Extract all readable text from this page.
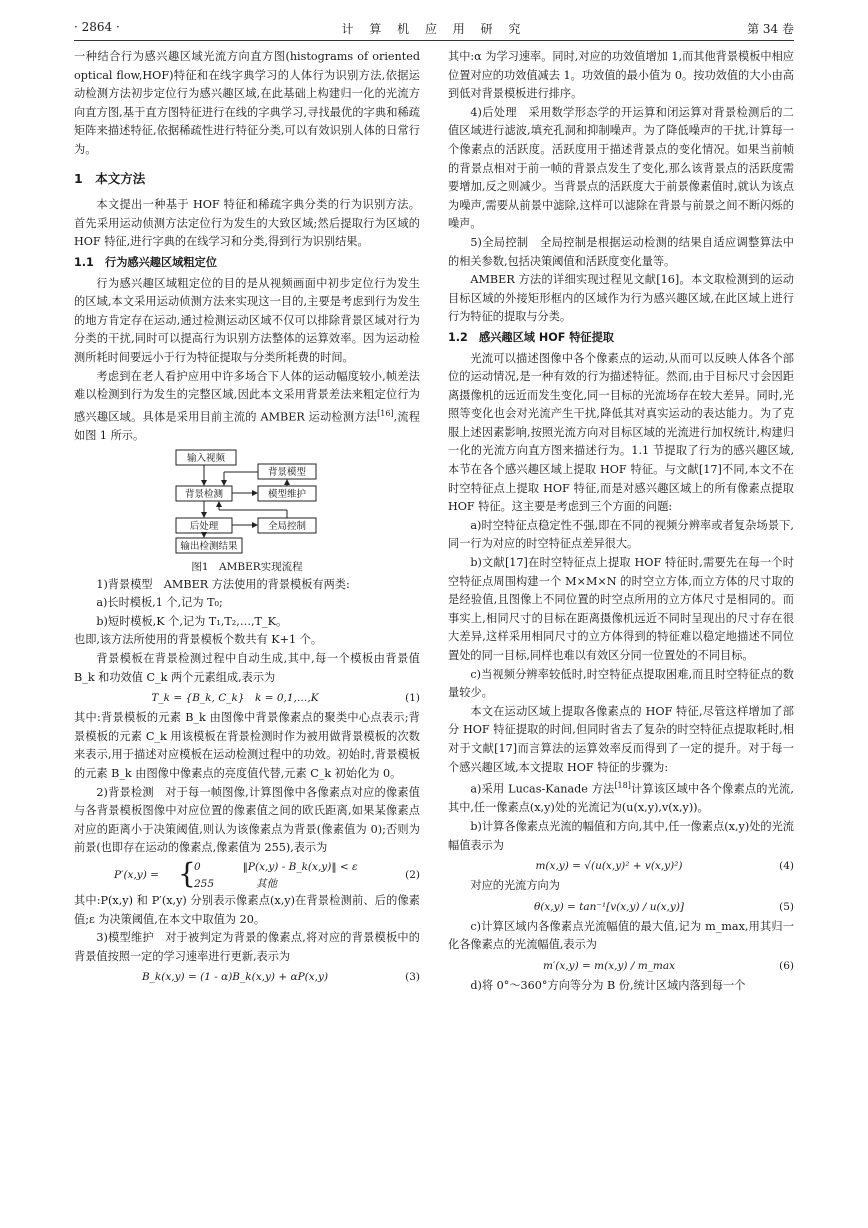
· 2864 ·	计 算 机 应 用 研 究	第 34 卷

一种结合行为感兴趣区域光流方向直方图(histograms of oriented optical flow,HOF)特征和在线字典学习的人体行为识别方法,依据运动检测方法初步定位行为感兴趣区域,在此基础上构建归一化的光流方向直方图,基于直方图特征进行在线的字典学习,寻找最优的字典和稀疏矩阵来描述特征,依据稀疏性进行特征分类,可以有效识别人体的日常行为。

1　本文方法

本文提出一种基于 HOF 特征和稀疏字典分类的行为识别方法。首先采用运动侦测方法定位行为发生的大致区域;然后提取行为区域的 HOF 特征,进行字典的在线学习和分类,得到行为识别结果。

1.1　行为感兴趣区域粗定位

行为感兴趣区域粗定位的目的是从视频画面中初步定位行为发生的区域,本文采用运动侦测方法来实现这一目的,主要是考虑到行为发生的地方肯定存在运动,通过检测运动区域不仅可以排除背景区域对行为分类的干扰,同时可以提高行为识别方法整体的运算效率。因为运动检测所耗时间要远小于行为特征提取与分类所耗费的时间。

考虑到在老人看护应用中许多场合下人体的运动幅度较小,帧差法难以检测到行为发生的完整区域,因此本文采用背景差法来粗定位行为感兴趣区域。具体是采用目前主流的 AMBER 运动检测方法[16],流程如图 1 所示。

输入视频
背景模型
背景检测	模型维护
后处理	全局控制
输出检测结果
图1　AMBER实现流程

1)背景模型　AMBER 方法使用的背景模板有两类:

a)长时模板,1 个,记为 T₀;

b)短时模板,K 个,记为 T₁,T₂,…,T_K。

也即,该方法所使用的背景模板个数共有 K+1 个。

背景模板在背景检测过程中自动生成,其中,每一个模板由背景值 B_k 和功效值 C_k 两个元素组成,表示为

T_k = {B_k, C_k}　k = 0,1,…,K	(1)

其中:背景模板的元素 B_k 由图像中背景像素点的聚类中心点表示;背景模板的元素 C_k 用该模板在背景检测时作为被用做背景模板的次数来表示,用于描述对应模板在运动检测过程中的功效。初始时,背景模板的元素 B_k 由图像中像素点的亮度值代替,元素 C_k 初始化为 0。

2)背景检测　对于每一帧图像,计算图像中各像素点对应的像素值与各背景模板图像中对应位置的像素值之间的欧氏距离,如果某像素点对应的距离小于决策阈值,则认为该像素点为背景(像素值为 0);否则为前景(也即存在运动的像素点,像素值为 255),表示为

P′(x,y) = {
0　　　　‖P(x,y) - B_k(x,y)‖ < ε
255　　　　其他
(2)

其中:P(x,y) 和 P′(x,y) 分别表示像素点(x,y)在背景检测前、后的像素值;ε 为决策阈值,在本文中取值为 20。

3)模型维护　对于被判定为背景的像素点,将对应的背景模板中的背景值按照一定的学习速率进行更新,表示为

B_k(x,y) = (1 - α)B_k(x,y) + αP(x,y)	(3)

其中:α 为学习速率。同时,对应的功效值增加 1,而其他背景模板中相应位置对应的功效值减去 1。功效值的最小值为 0。按功效值的大小由高到低对背景模板进行排序。

4)后处理　采用数学形态学的开运算和闭运算对背景检测后的二值区域进行滤波,填充孔洞和抑制噪声。为了降低噪声的干扰,计算每一个像素点的活跃度。活跃度用于描述背景点的变化情况。如果当前帧的背景点相对于前一帧的背景点发生了变化,那么该背景点的活跃度需要增加,反之则减少。当背景点的活跃度大于前景像素值时,就认为该点为噪声,需要从前景中滤除,这样可以滤除在背景与前景之间不断闪烁的噪声。

5)全局控制　全局控制是根据运动检测的结果自适应调整算法中的相关参数,包括决策阈值和活跃度变化量等。

AMBER 方法的详细实现过程见文献[16]。本文取检测到的运动目标区域的外接矩形框内的区域作为行为感兴趣区域,在此区域上进行行为特征的提取与分类。

1.2　感兴趣区域 HOF 特征提取

光流可以描述图像中各个像素点的运动,从而可以反映人体各个部位的运动情况,是一种有效的行为描述特征。然而,由于目标尺寸会因距离摄像机的远近而发生变化,同一目标的光流场存在较大差异。同时,光照等变化也会对光流产生干扰,降低其对真实运动的表达能力。为了克服上述因素影响,按照光流方向对目标区域的光流进行加权统计,构建归一化的光流方向直方图来描述行为。1.1 节提取了行为的感兴趣区域,本节在各个感兴趣区域上提取 HOF 特征。与文献[17]不同,本文不在时空特征点上提取 HOF 特征,而是对感兴趣区域上的所有像素点提取 HOF 特征。这主要是考虑到三个方面的问题:

a)时空特征点稳定性不强,即在不同的视频分辨率或者复杂场景下,同一行为对应的时空特征点差异很大。

b)文献[17]在时空特征点上提取 HOF 特征时,需要先在每一个时空特征点周围构建一个 M×M×N 的时空立方体,而立方体的尺寸取的是经验值,且图像上不同位置的时空点所用的立方体尺寸是相同的。而事实上,相同尺寸的目标在距离摄像机远近不同时呈现出的尺寸存在很大差异,这样采用相同尺寸的立方体得到的特征难以稳定地描述不同位置处的同一目标,同样也难以有效区分同一位置处的不同目标。

c)当视频分辨率较低时,时空特征点提取困难,而且时空特征点的数量较少。

本文在运动区域上提取各像素点的 HOF 特征,尽管这样增加了部分 HOF 特征提取的时间,但同时省去了复杂的时空特征点提取耗时,相对于文献[17]而言算法的运算效率反而得到了一定的提升。对于每一个感兴趣区域,本文提取 HOF 特征的步骤为:

a)采用 Lucas-Kanade 方法[18]计算该区域中各个像素点的光流,其中,任一像素点(x,y)处的光流记为(u(x,y),v(x,y))。

b)计算各像素点光流的幅值和方向,其中,任一像素点(x,y)处的光流幅值表示为

m(x,y) = √(u(x,y)² + v(x,y)²)	(4)

对应的光流方向为

θ(x,y) = tan⁻¹[v(x,y) / u(x,y)]	(5)

c)计算区域内各像素点光流幅值的最大值,记为 m_max,用其归一化各像素点的光流幅值,表示为

m′(x,y) = m(x,y) / m_max	(6)

d)将 0°～360°方向等分为 B 份,统计区域内落到每一个
